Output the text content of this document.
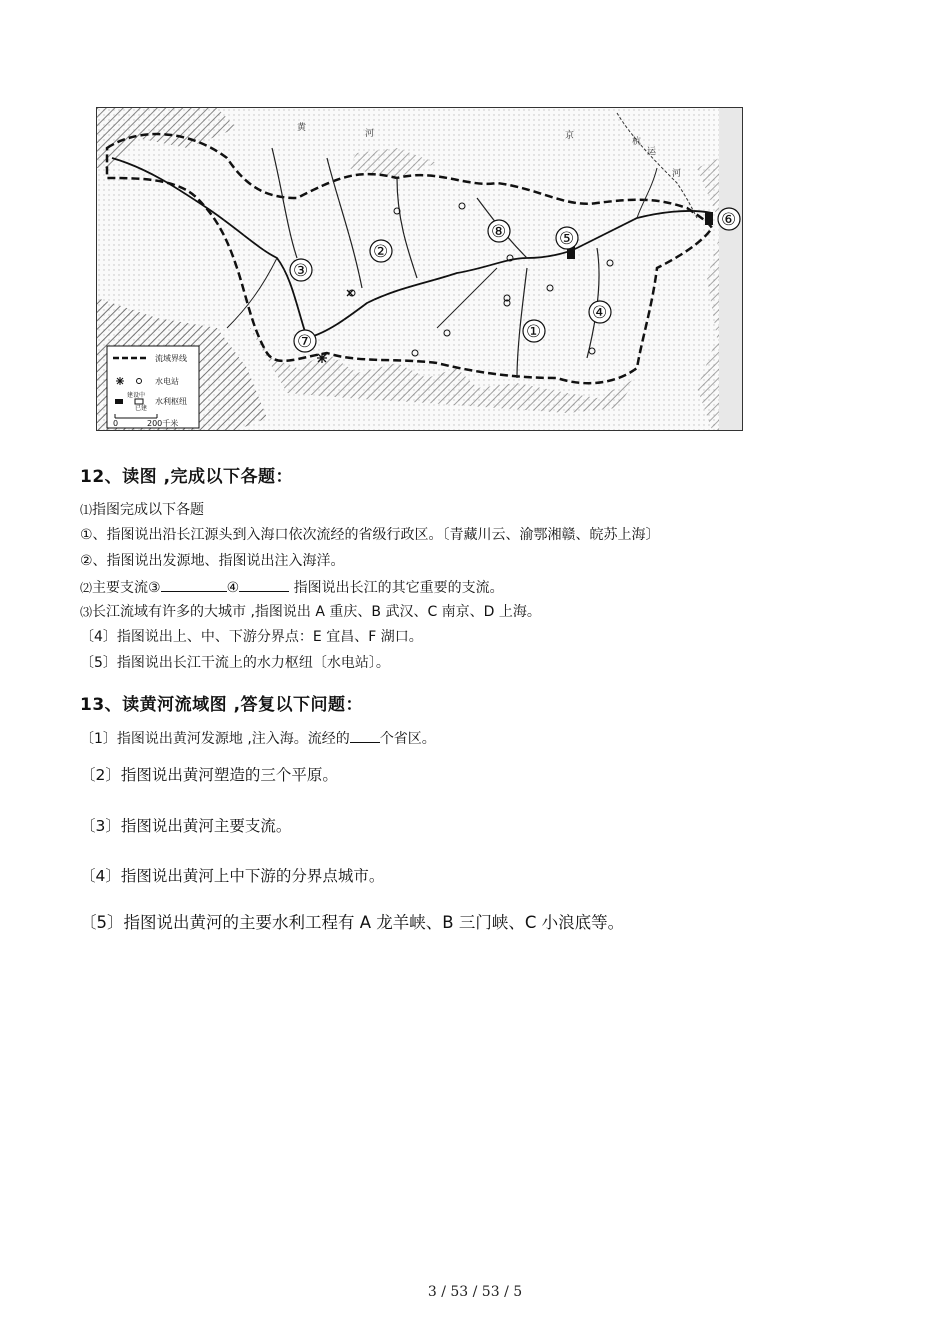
黄
河	京
杭
运
河
②
③
⑧	⑤
⑥
①
④
⑦
流域界线
水电站
建设中
已建
水利枢纽
0	200千米
12、读图 ,完成以下各题：
⑴指图完成以下各题
①、指图说出沿长江源头到入海口依次流经的省级行政区。〔青藏川云、渝鄂湘赣、皖苏上海〕
②、指图说出发源地、指图说出注入海洋。
⑵主要支流③	④	指图说出长江的其它重要的支流。
⑶长江流域有许多的大城市 ,指图说出 A 重庆、B 武汉、C 南京、D 上海。
〔4〕指图说出上、中、下游分界点：E 宜昌、F 湖口。
〔5〕指图说出长江干流上的水力枢纽〔水电站〕。
13、读黄河流域图 ,答复以下问题：
〔1〕指图说出黄河发源地 ,注入海。流经的 个省区。
〔2〕指图说出黄河塑造的三个平原。
〔3〕指图说出黄河主要支流。
〔4〕指图说出黄河上中下游的分界点城市。
〔5〕指图说出黄河的主要水利工程有 A 龙羊峡、B 三门峡、C 小浪底等。
3 / 53 / 53 / 5
